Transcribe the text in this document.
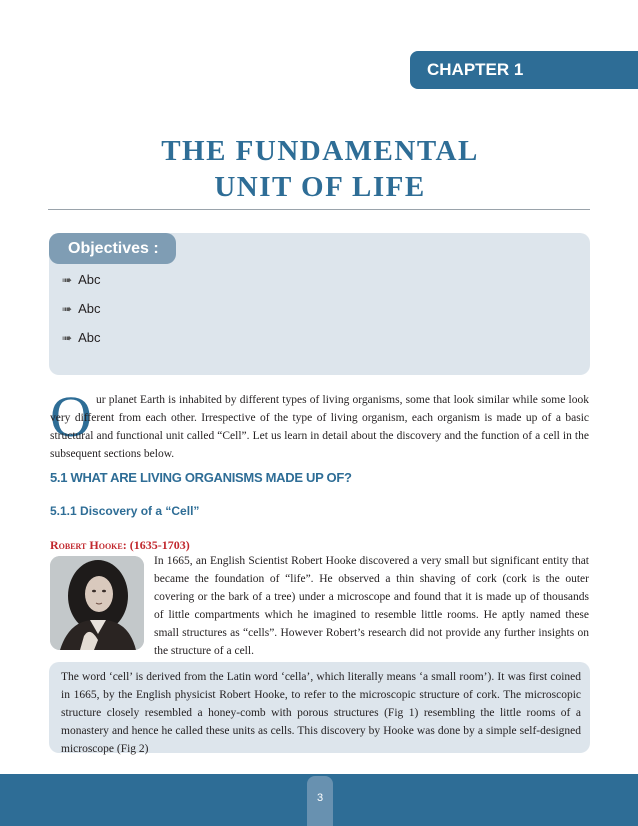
CHAPTER 1
THE FUNDAMENTAL
UNIT OF LIFE
Objectives :
➠ Abc
➠ Abc
➠ Abc
O ur planet Earth is inhabited by different types of living organisms, some that look similar while some look very different from each other. Irrespective of the type of living organism, each organism is made up of a basic structural and functional unit called “Cell”. Let us learn in detail about the discovery and the function of a cell in the subsequent sections below.

5.1 WHAT ARE LIVING ORGANISMS MADE UP OF?
5.1.1 Discovery of a “Cell”
Robert Hooke: (1635-1703)

In 1665, an English Scientist Robert Hooke discovered a very small but significant entity that became the foundation of “life”. He observed a thin shaving of cork (cork is the outer covering or the bark of a tree) under a microscope and found that it is made up of thousands of little compartments which he imagined to resemble little rooms. He aptly named these small structures as “cells”. However Robert’s research did not provide any further insights on the structure of a cell.

The word ‘cell’ is derived from the Latin word ‘cella’, which literally means ‘a small room’). It was first coined in 1665, by the English physicist Robert Hooke, to refer to the microscopic structure of cork. The microscopic structure closely resembled a honey-comb with porous structures (Fig 1) resembling the little rooms of a monastery and hence he called these units as cells. This discovery by Hooke was done by a simple self-designed microscope (Fig 2)

3
